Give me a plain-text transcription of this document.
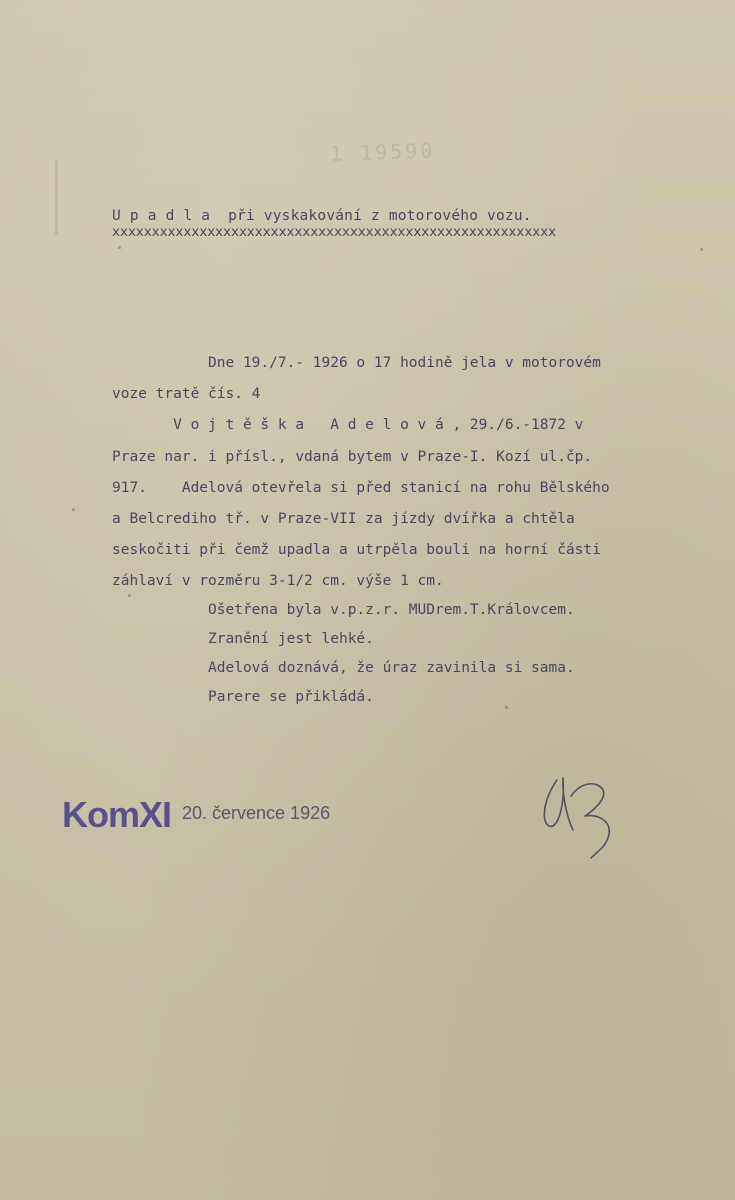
1 19590
U p a d l a  při vyskakování z motorového vozu.
xxxxxxxxxxxxxxxxxxxxxxxxxxxxxxxxxxxxxxxxxxxxxxxxxxxxxxxx
Dne 19./7.- 1926 o 17 hodině jela v motorovém
voze tratě čís. 4
V o j t ě š k a   A d e l o v á , 29./6.-1872 v
Praze nar. i přísl., vdaná bytem v Praze-I. Kozí ul.čp.
917.    Adelová otevřela si před stanicí na rohu Bělského
a Belcrediho tř. v Praze-VII za jízdy dvířka a chtěla
seskočiti při čemž upadla a utrpěla bouli na horní části
záhlaví v rozměru 3-1/2 cm. výše 1 cm.
Ošetřena byla v.p.z.r. MUDrem.T.Královcem.
Zranění jest lehké.
Adelová doznává, že úraz zavinila si sama.
Parere se přikládá.
KomXI 20. července 1926
